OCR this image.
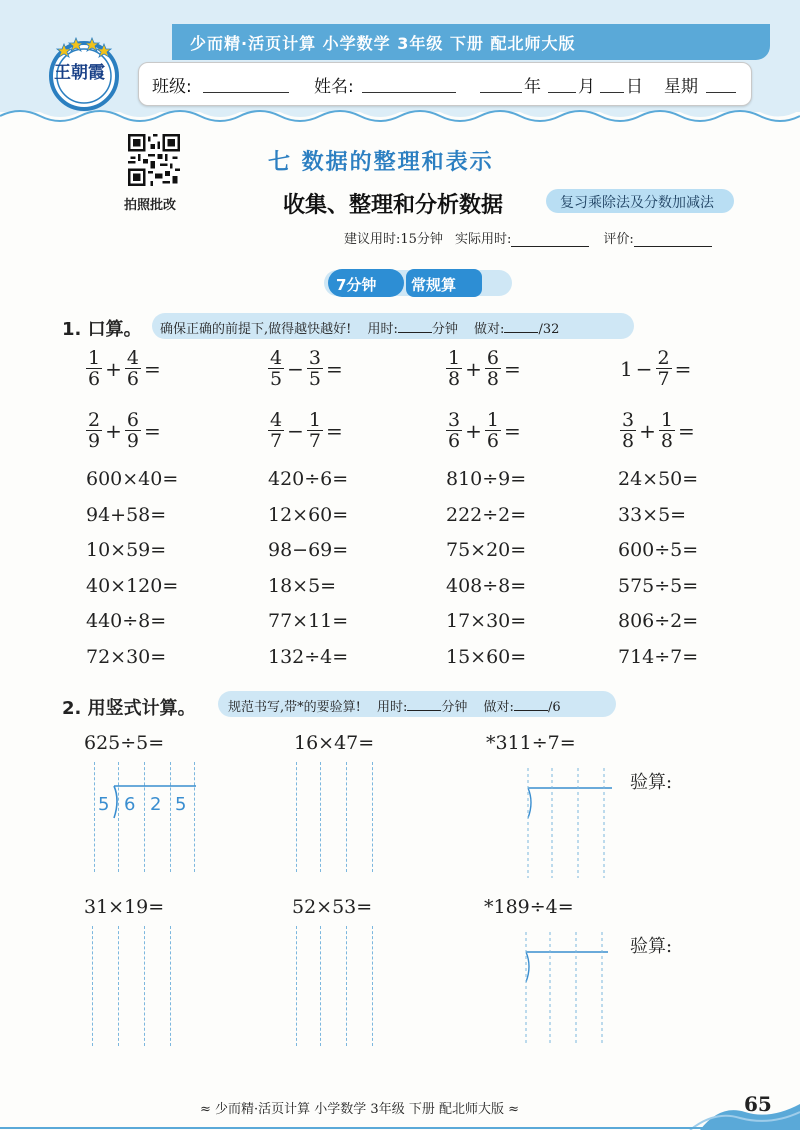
少而精·活页计算 小学数学 3年级 下册 配北师大版
王朝霞
班级:	姓名:	年 月 日 星期
拍照批改
七 数据的整理和表示
收集、整理和分析数据	复习乘除法及分数加减法
建议用时:15分钟 实际用时:	评价:
7分钟 常规算
1. 口算。 确保正确的前提下,做得越快越好! 用时:	分钟 做对:	/32
$\frac{1}{6} + \frac{4}{6}$ =	$\frac{4}{5} - \frac{3}{5}$ =	$\frac{1}{8} + \frac{6}{8}$ =	$1 - \frac{2}{7}$ =
$\frac{2}{9} + \frac{6}{9}$ =	$\frac{4}{7} - \frac{1}{7}$ =	$\frac{3}{6} + \frac{1}{6}$ =	$\frac{3}{8} + \frac{1}{8}$ =
600×40=	420÷6=	810÷9=	24×50=
94+58=	12×60=	222÷2=	33×5=
10×59=	98−69=	75×20=	600÷5=
40×120=	18×5=	408÷8=	575÷5=
440÷8=	77×11=	17×30=	806÷2=
72×30=	132÷4=	15×60=	714÷7=
2. 用竖式计算。 规范书写,带*的要验算! 用时:	分钟 做对:	/6
625÷5=	16×47=	*311÷7=
验算:
5 6 2 5
31×19=	52×53=	*189÷4=
验算:
≈ 少而精·活页计算 小学数学 3年级 下册 配北师大版 ≈	65
